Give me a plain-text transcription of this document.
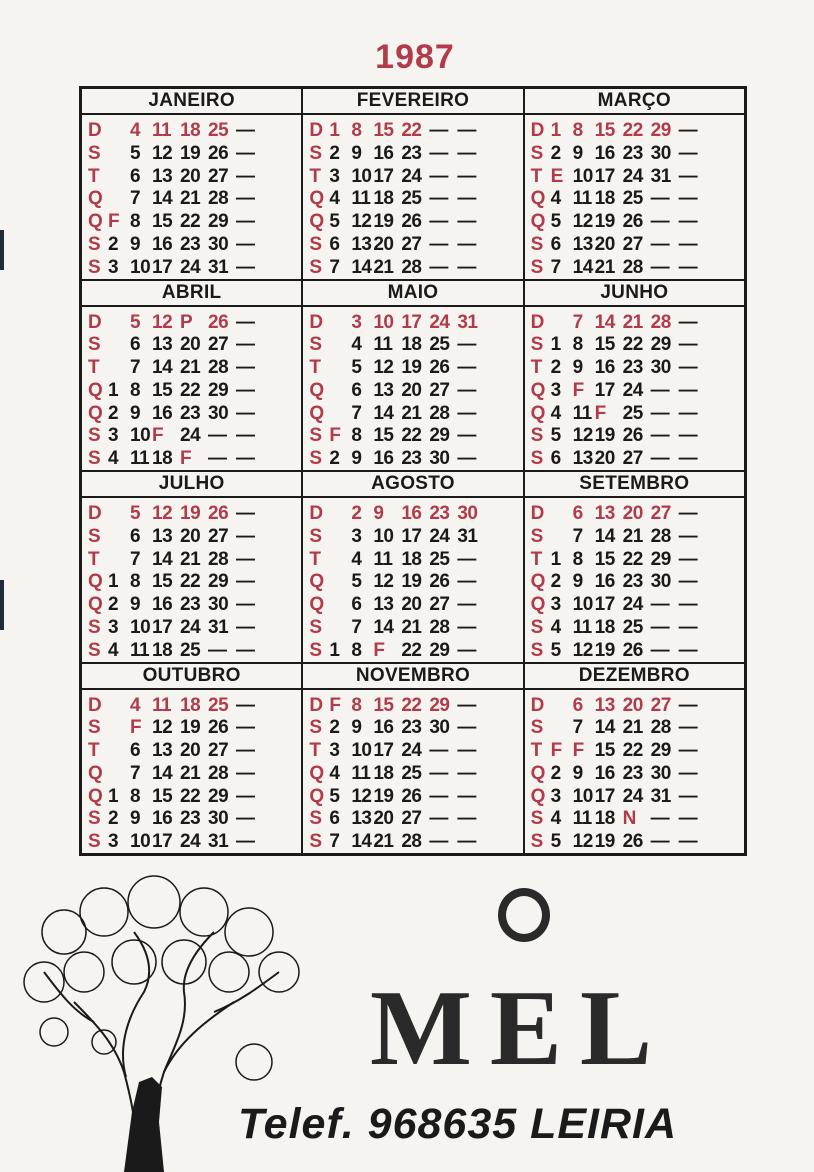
1987
JANEIRO
D	4 11 18 25 —
S	5 12 19 26 —
T	6 13 20 27 —
Q	7 14 21 28 —
Q F 8 15 22 29 —
S 2 9 16 23 30 —
S 3 10 17 24 31 —
FEVEREIRO
D 1 8 15 22 — —
S 2 9 16 23 — —
T 3 10 17 24 — —
Q 4 11 18 25 — —
Q 5 12 19 26 — —
S 6 13 20 27 — —
S 7 14 21 28 — —
MARÇO
D 1 8 15 22 29 —
S 2 9 16 23 30 —
T E 10 17 24 31 —
Q 4 11 18 25 — —
Q 5 12 19 26 — —
S 6 13 20 27 — —
S 7 14 21 28 — —
ABRIL
D	5 12 P 26 —
S	6 13 20 27 —
T	7 14 21 28 —
Q 1 8 15 22 29 —
Q 2 9 16 23 30 —
S 3 10 F 24 — —
S 4 11 18 F — —
MAIO
D	3 10 17 24 31
S	4 11 18 25 —
T	5 12 19 26 —
Q	6 13 20 27 —
Q	7 14 21 28 —
S F 8 15 22 29 —
S 2 9 16 23 30 —
JUNHO
D	7 14 21 28 —
S 1 8 15 22 29 —
T 2 9 16 23 30 —
Q 3 F 17 24 — —
Q 4 11 F 25 — —
S 5 12 19 26 — —
S 6 13 20 27 — —
JULHO
D	5 12 19 26 —
S	6 13 20 27 —
T	7 14 21 28 —
Q 1 8 15 22 29 —
Q 2 9 16 23 30 —
S 3 10 17 24 31 —
S 4 11 18 25 — —
AGOSTO
D	2 9 16 23 30
S	3 10 17 24 31
T	4 11 18 25 —
Q	5 12 19 26 —
Q	6 13 20 27 —
S	7 14 21 28 —
S 1 8 F 22 29 —
SETEMBRO
D	6 13 20 27 —
S	7 14 21 28 —
T 1 8 15 22 29 —
Q 2 9 16 23 30 —
Q 3 10 17 24 — —
S 4 11 18 25 — —
S 5 12 19 26 — —
OUTUBRO
D	4 11 18 25 —
S	F 12 19 26 —
T	6 13 20 27 —
Q	7 14 21 28 —
Q 1 8 15 22 29 —
S 2 9 16 23 30 —
S 3 10 17 24 31 —
NOVEMBRO
D F 8 15 22 29 —
S 2 9 16 23 30 —
T 3 10 17 24 — —
Q 4 11 18 25 — —
Q 5 12 19 26 — —
S 6 13 20 27 — —
S 7 14 21 28 — —
DEZEMBRO
D	6 13 20 27 —
S	7 14 21 28 —
T F F 15 22 29 —
Q 2 9 16 23 30 —
Q 3 10 17 24 31 —
S 4 11 18 N — —
S 5 12 19 26 — —
MEL
Telef. 968635 LEIRIA
